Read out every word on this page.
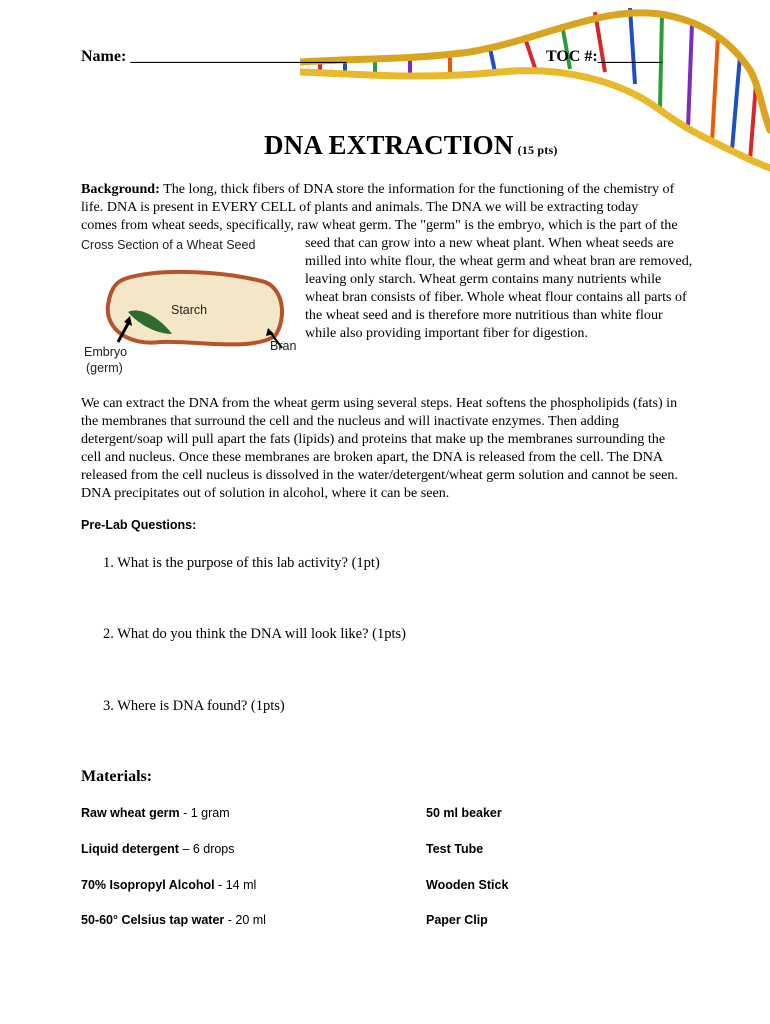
Name: ___________________________	TOC #:________
DNA EXTRACTION (15 pts)
Background: The long, thick fibers of DNA store the information for the functioning of the chemistry of
life. DNA is present in EVERY CELL of plants and animals. The DNA we will be extracting today
comes from wheat seeds, specifically, raw wheat germ. The "germ" is the embryo, which is the part of the
seed that can grow into a new wheat plant. When wheat seeds are
milled into white flour, the wheat germ and wheat bran are removed,
leaving only starch. Wheat germ contains many nutrients while
wheat bran consists of fiber. Whole wheat flour contains all parts of
the wheat seed and is therefore more nutritious than white flour
while also providing important fiber for digestion.
Cross Section of a Wheat Seed
Starch
Bran
Embryo
(germ)
We can extract the DNA from the wheat germ using several steps. Heat softens the phospholipids (fats) in
the membranes that surround the cell and the nucleus and will inactivate enzymes. Then adding
detergent/soap will pull apart the fats (lipids) and proteins that make up the membranes surrounding the
cell and nucleus. Once these membranes are broken apart, the DNA is released from the cell. The DNA
released from the cell nucleus is dissolved in the water/detergent/wheat germ solution and cannot be seen.
DNA precipitates out of solution in alcohol, where it can be seen.
Pre-Lab Questions:
1. What is the purpose of this lab activity? (1pt)
2. What do you think the DNA will look like? (1pts)
3. Where is DNA found? (1pts)
Materials:
Raw wheat germ - 1 gram
Liquid detergent – 6 drops
70% Isopropyl Alcohol - 14 ml
50-60° Celsius tap water - 20 ml
50 ml beaker
Test Tube
Wooden Stick
Paper Clip
